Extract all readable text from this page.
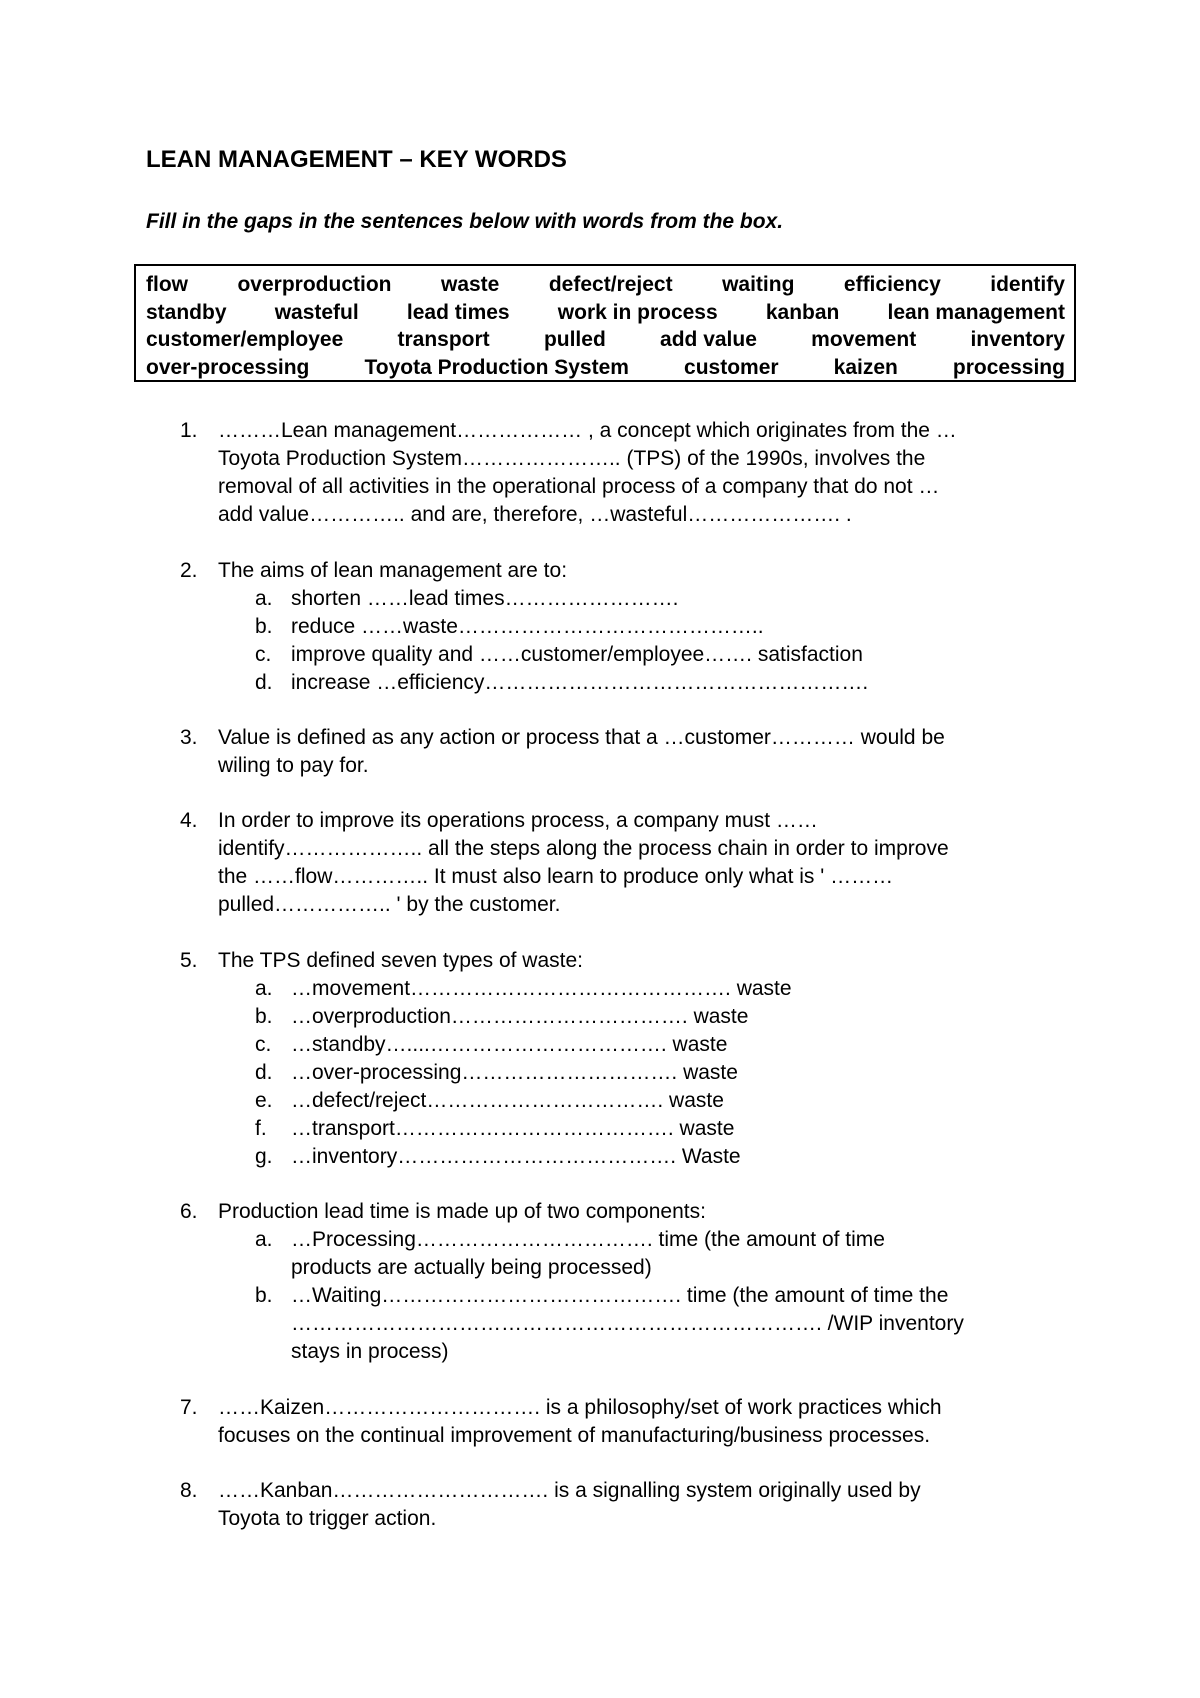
LEAN MANAGEMENT – KEY WORDS
Fill in the gaps in the sentences below with words from the box.
flow overproduction waste defect/reject waiting efficiency identify
standby wasteful lead times work in process kanban lean management
customer/employee	transport	pulled	add value	movement	inventory
over-processing	Toyota Production System	customer	kaizen	processing
1. ………Lean management……………… , a concept which originates from the …
Toyota Production System………………….. (TPS) of the 1990s, involves the
removal of all activities in the operational process of a company that do not …
add value………….. and are, therefore, …wasteful…………………. .
2. The aims of lean management are to:
a. shorten ……lead times…………………….
b. reduce ……waste……………………………………..
c. improve quality and ……customer/employee……. satisfaction
d. increase …efficiency……………………………………………….
3. Value is defined as any action or process that a …customer………… would be
wiling to pay for.
4. In order to improve its operations process, a company must ……
identify……………….. all the steps along the process chain in order to improve
the ……flow………….. It must also learn to produce only what is ' ………
pulled…………….. ' by the customer.
5. The TPS defined seven types of waste:
a. …movement………………………………………. waste
b. …overproduction……………………………. waste
c. …standby…....……………………………. waste
d. …over-processing…………………………. waste
e. …defect/reject……………………………. waste
f. …transport…………………………………. waste
g. …inventory…………………………………. Waste
6. Production lead time is made up of two components:
a. …Processing……………………………. time (the amount of time
products are actually being processed)
b. …Waiting……………………………………. time (the amount of time the
…………………………………………………………………. /WIP inventory
stays in process)
7. ……Kaizen…………………………. is a philosophy/set of work practices which
focuses on the continual improvement of manufacturing/business processes.
8. ……Kanban…………………………. is a signalling system originally used by
Toyota to trigger action.
